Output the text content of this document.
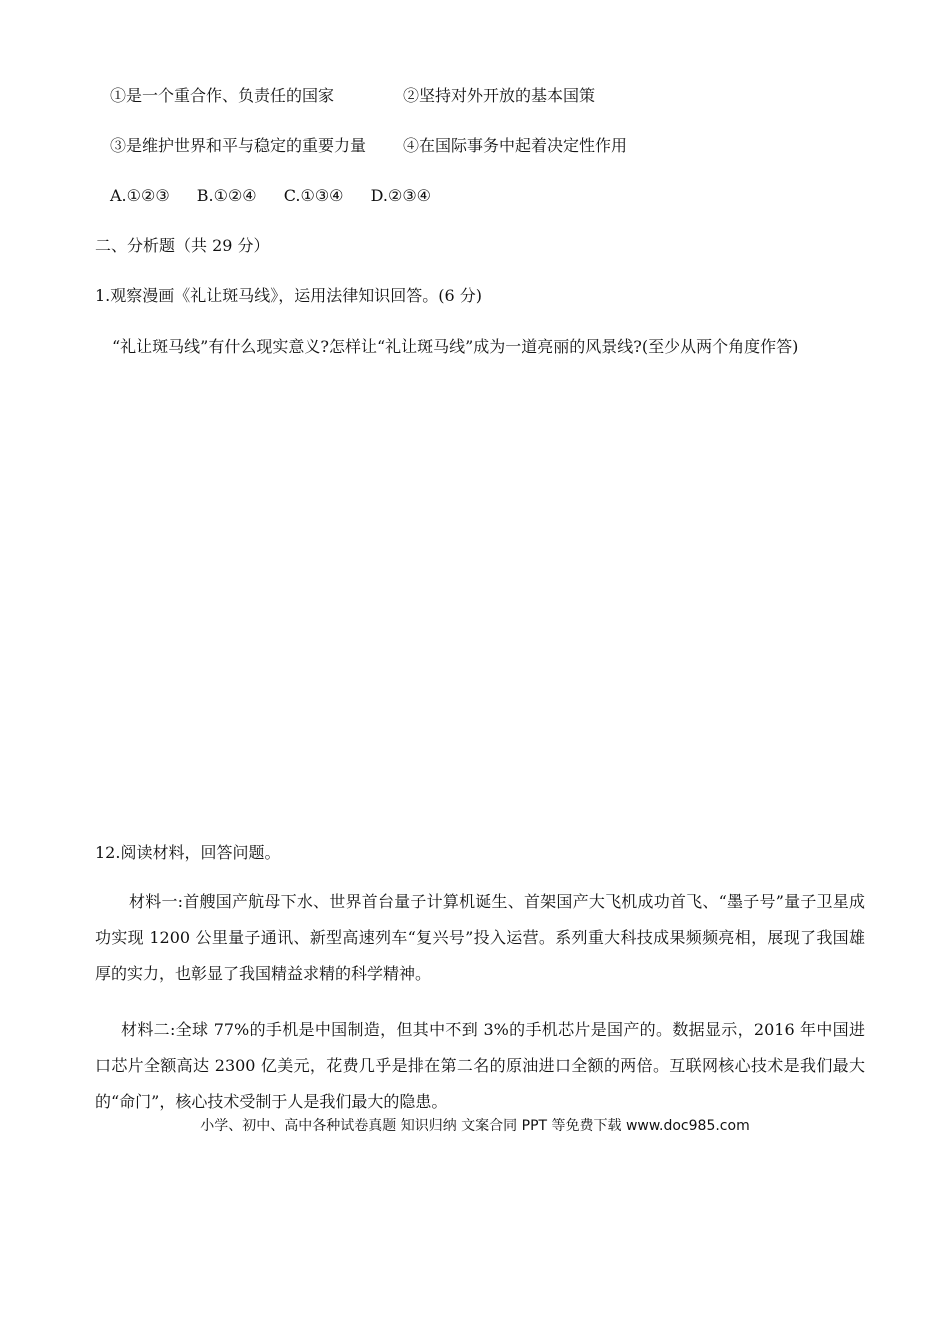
①是一个重合作、负责任的国家	②坚持对外开放的基本国策
③是维护世界和平与稳定的重要力量 ④在国际事务中起着决定性作用
A.①②③ B.①②④ C.①③④ D.②③④
二、分析题（共 29 分）
1.观察漫画《礼让斑马线》，运用法律知识回答。(6 分)
“礼让斑马线”有什么现实意义?怎样让“礼让斑马线”成为一道亮丽的风景线?(至少从两个角度作答)
12.阅读材料，回答问题。
材料一:首艘国产航母下水、世界首台量子计算机诞生、首架国产大飞机成功首飞、“墨子号”量子卫星成功实现 1200 公里量子通讯、新型高速列车“复兴号”投入运营。系列重大科技成果频频亮相，展现了我国雄厚的实力，也彰显了我国精益求精的科学精神。
材料二:全球 77%的手机是中国制造，但其中不到 3%的手机芯片是国产的。数据显示，2016 年中国进口芯片全额高达 2300 亿美元，花费几乎是排在第二名的原油进口全额的两倍。互联网核心技术是我们最大的“命门”，核心技术受制于人是我们最大的隐患。
小学、初中、高中各种试卷真题 知识归纳 文案合同 PPT 等免费下载 www.doc985.com
